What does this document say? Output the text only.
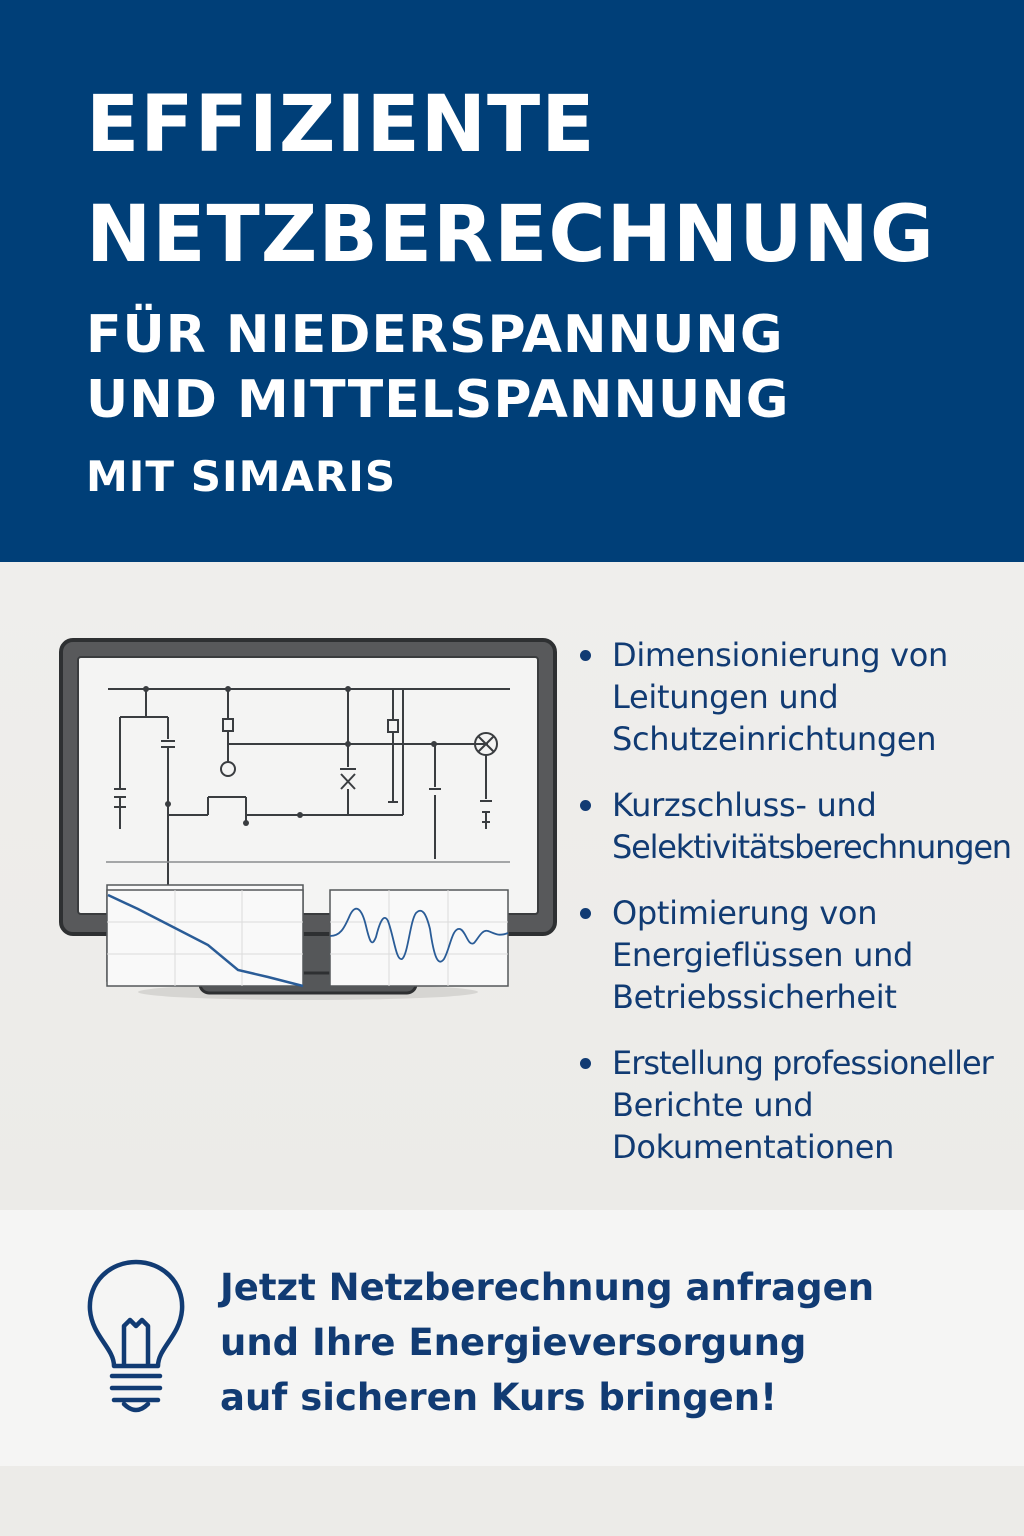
EFFIZIENTE
NETZBERECHNUNG
FÜR NIEDERSPANNUNG
UND MITTELSPANNUNG
MIT SIMARIS
Dimensionierung von
Leitungen und
Schutzeinrichtungen
Kurzschluss- und
Selektivitätsberechnungen
Optimierung von
Energieflüssen und
Betriebssicherheit
Erstellung professioneller
Berichte und
Dokumentationen
Jetzt Netzberechnung anfragen
und Ihre Energieversorgung
auf sicheren Kurs bringen!
